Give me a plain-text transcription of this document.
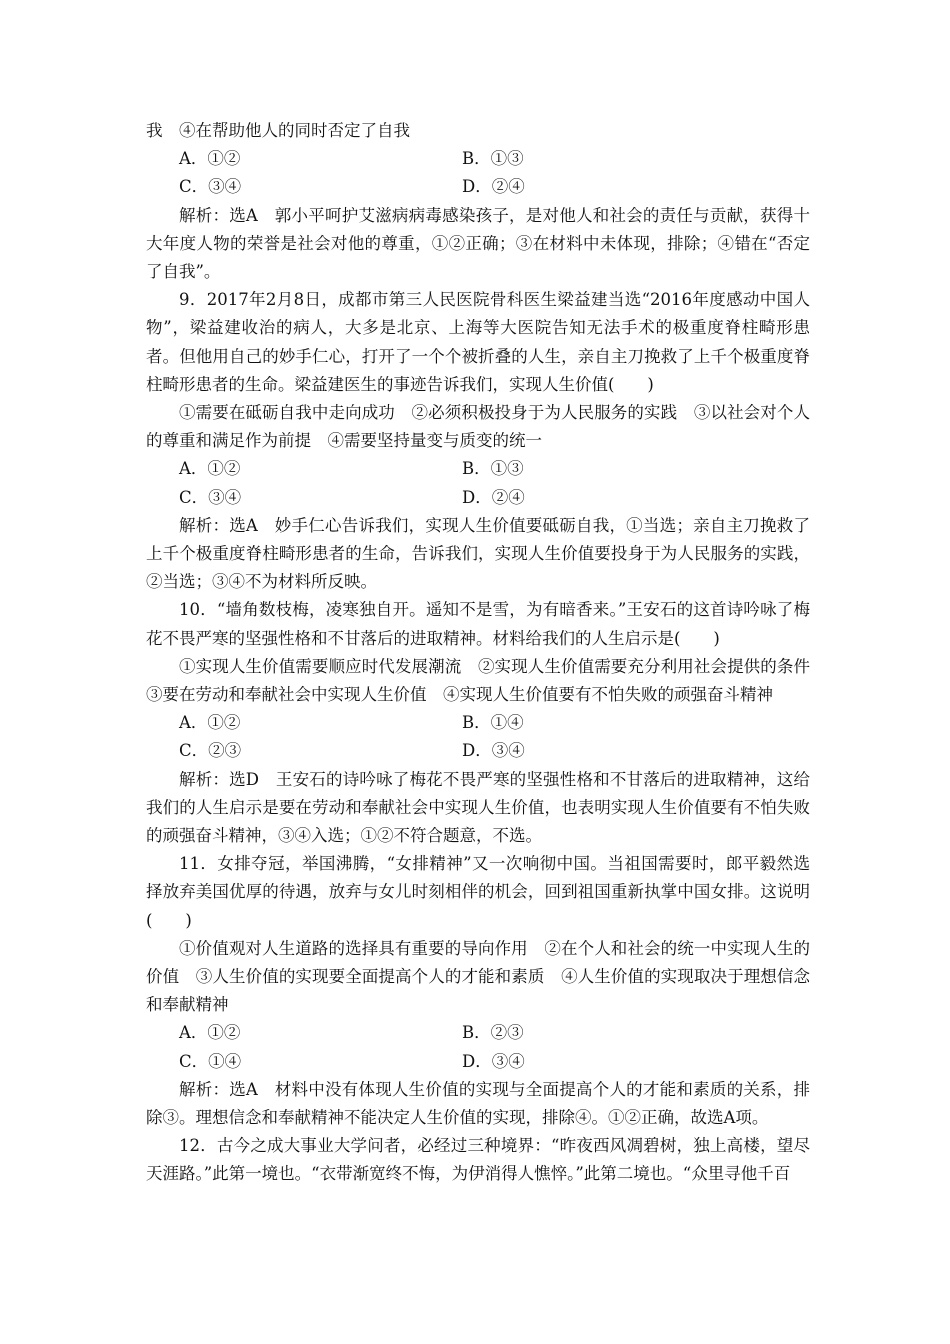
我　④在帮助他人的同时否定了自我

A．①②	B．①③
C．③④	D．②④

解析：选A　郭小平呵护艾滋病病毒感染孩子，是对他人和社会的责任与贡献，获得十大年度人物的荣誉是社会对他的尊重，①②正确；③在材料中未体现，排除；④错在“否定了自我”。

9．2017年2月8日，成都市第三人民医院骨科医生梁益建当选“2016年度感动中国人物”，梁益建收治的病人，大多是北京、上海等大医院告知无法手术的极重度脊柱畸形患者。但他用自己的妙手仁心，打开了一个个被折叠的人生，亲自主刀挽救了上千个极重度脊柱畸形患者的生命。梁益建医生的事迹告诉我们，实现人生价值(　　)

①需要在砥砺自我中走向成功　②必须积极投身于为人民服务的实践　③以社会对个人的尊重和满足作为前提　④需要坚持量变与质变的统一

A．①②	B．①③
C．③④	D．②④

解析：选A　妙手仁心告诉我们，实现人生价值要砥砺自我，①当选；亲自主刀挽救了上千个极重度脊柱畸形患者的生命，告诉我们，实现人生价值要投身于为人民服务的实践，②当选；③④不为材料所反映。

10．“墙角数枝梅，凌寒独自开。遥知不是雪，为有暗香来。”王安石的这首诗吟咏了梅花不畏严寒的坚强性格和不甘落后的进取精神。材料给我们的人生启示是(　　)

①实现人生价值需要顺应时代发展潮流　②实现人生价值需要充分利用社会提供的条件　③要在劳动和奉献社会中实现人生价值　④实现人生价值要有不怕失败的顽强奋斗精神

A．①②	B．①④
C．②③	D．③④

解析：选D　王安石的诗吟咏了梅花不畏严寒的坚强性格和不甘落后的进取精神，这给我们的人生启示是要在劳动和奉献社会中实现人生价值，也表明实现人生价值要有不怕失败的顽强奋斗精神，③④入选；①②不符合题意，不选。

11．女排夺冠，举国沸腾，“女排精神”又一次响彻中国。当祖国需要时，郎平毅然选择放弃美国优厚的待遇，放弃与女儿时刻相伴的机会，回到祖国重新执掌中国女排。这说明(　　)

①价值观对人生道路的选择具有重要的导向作用　②在个人和社会的统一中实现人生的价值　③人生价值的实现要全面提高个人的才能和素质　④人生价值的实现取决于理想信念和奉献精神

A．①②	B．②③
C．①④	D．③④

解析：选A　材料中没有体现人生价值的实现与全面提高个人的才能和素质的关系，排除③。理想信念和奉献精神不能决定人生价值的实现，排除④。①②正确，故选A项。

12．古今之成大事业大学问者，必经过三种境界：“昨夜西风凋碧树，独上高楼，望尽天涯路。”此第一境也。“衣带渐宽终不悔，为伊消得人憔悴。”此第二境也。“众里寻他千百
